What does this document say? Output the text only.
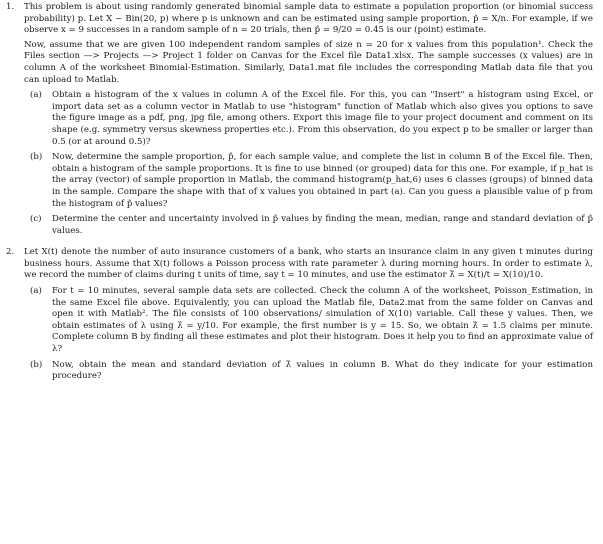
1.	This problem is about using randomly generated binomial sample data to estimate a population proportion (or binomial success probability) p. Let X ~ Bin(20, p) where p is unknown and can be estimated using sample proportion, p̂ = X/n. For example, if we observe x = 9 successes in a random sample of n = 20 trials, then p̂ = 9/20 = 0.45 is our (point) estimate.

Now, assume that we are given 100 independent random samples of size n = 20 for x values from this population¹. Check the Files section —> Projects —> Project 1 folder on Canvas for the Excel file Data1.xlsx. The sample successes (x values) are in column A of the worksheet Binomial-Estimation. Similarly, Data1.mat file includes the corresponding Matlab data file that you can upload to Matlab.

(a)	Obtain a histogram of the x values in column A of the Excel file. For this, you can "Insert" a histogram using Excel, or import data set as a column vector in Matlab to use "histogram" function of Matlab which also gives you options to save the figure image as a pdf, png, jpg file, among others. Export this image file to your project document and comment on its shape (e.g. symmetry versus skewness properties etc.). From this observation, do you expect p to be smaller or larger than 0.5 (or at around 0.5)?
(b)	Now, determine the sample proportion, p̂, for each sample value, and complete the list in column B of the Excel file. Then, obtain a histogram of the sample proportions. It is fine to use binned (or grouped) data for this one. For example, if p_hat is the array (vector) of sample proportion in Matlab, the command histogram(p_hat,6) uses 6 classes (groups) of binned data in the sample. Compare the shape with that of x values you obtained in part (a). Can you guess a plausible value of p from the histogram of p̂ values?
(c)	Determine the center and uncertainty involved in p̂ values by finding the mean, median, range and standard deviation of p̂ values.
2.	Let X(t) denote the number of auto insurance customers of a bank, who starts an insurance claim in any given t minutes during business hours. Assume that X(t) follows a Poisson process with rate parameter λ during morning hours. In order to estimate λ, we record the number of claims during t units of time, say t = 10 minutes, and use the estimator λ̂ = X(t)/t = X(10)/10.

(a)	For t = 10 minutes, several sample data sets are collected. Check the column A of the worksheet, Poisson_Estimation, in the same Excel file above. Equivalently, you can upload the Matlab file, Data2.mat from the same folder on Canvas and open it with Matlab². The file consists of 100 observations/ simulation of X(10) variable. Call these y values. Then, we obtain estimates of λ using λ̂ = y/10. For example, the first number is y = 15. So, we obtain λ̂ = 1.5 claims per minute. Complete column B by finding all these estimates and plot their histogram. Does it help you to find an approximate value of λ?
(b)	Now, obtain the mean and standard deviation of λ̂ values in column B. What do they indicate for your estimation procedure?
